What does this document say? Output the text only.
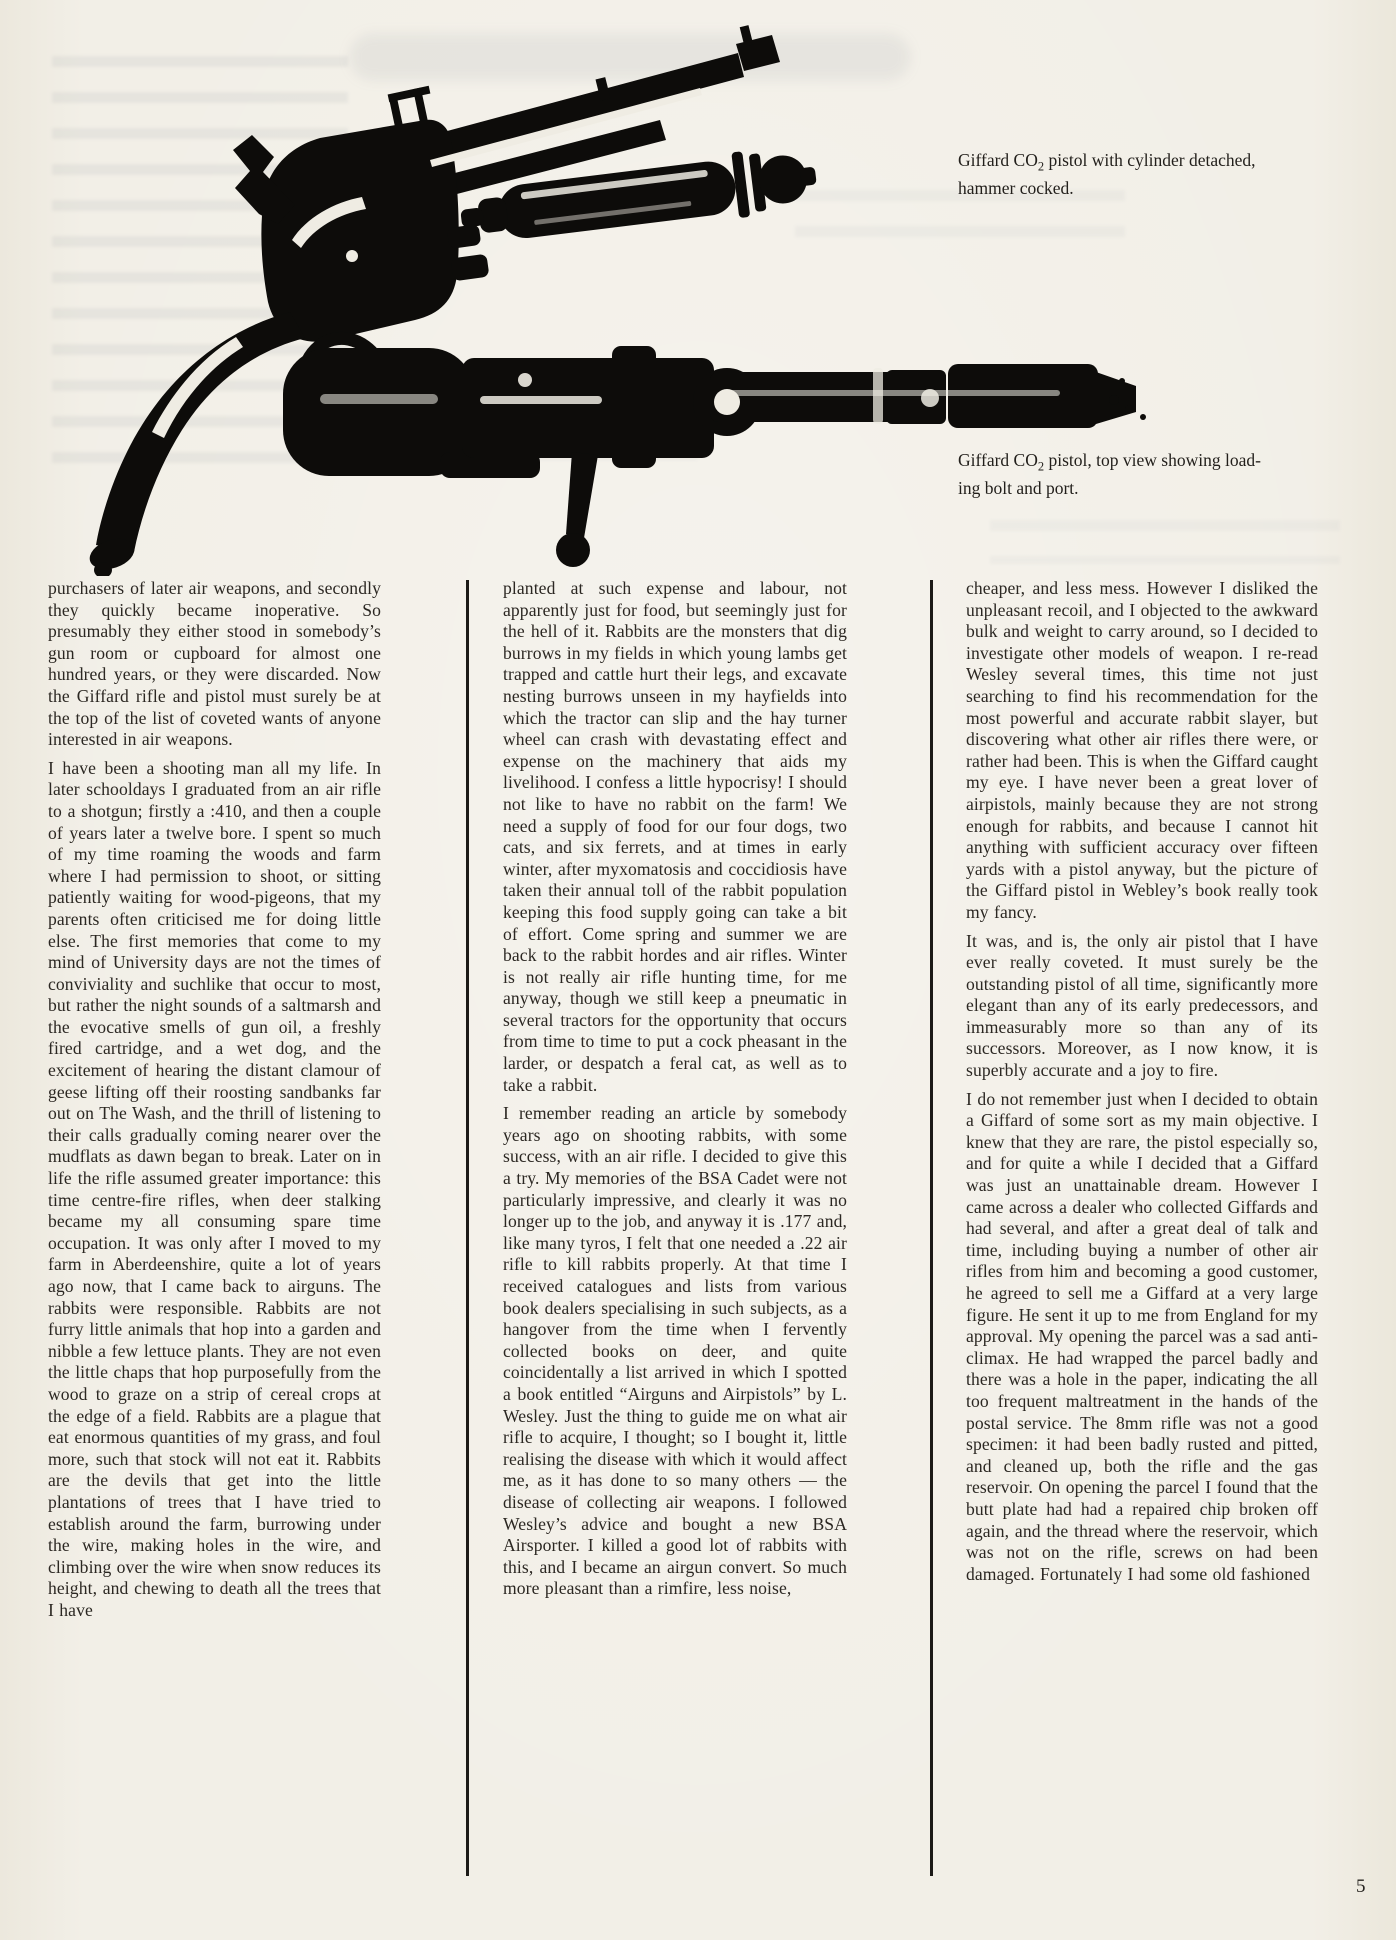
Giffard $CO_2$ pistol with cylinder detached,
hammer cocked.
Giffard $CO_2$ pistol, top view showing load-
ing bolt and port.

purchasers of later air weapons, and secondly they quickly became inoperative. So presumably they either stood in somebody’s gun room or cupboard for almost one hundred years, or they were discarded. Now the Giffard rifle and pistol must surely be at the top of the list of coveted wants of anyone interested in air weapons.

I have been a shooting man all my life. In later schooldays I graduated from an air rifle to a shotgun; firstly a :410, and then a couple of years later a twelve bore. I spent so much of my time roaming the woods and farm where I had permission to shoot, or sitting patiently waiting for wood-pigeons, that my parents often criticised me for doing little else. The first memories that come to my mind of University days are not the times of conviviality and suchlike that occur to most, but rather the night sounds of a saltmarsh and the evocative smells of gun oil, a freshly fired cartridge, and a wet dog, and the excitement of hearing the distant clamour of geese lifting off their roosting sandbanks far out on The Wash, and the thrill of listening to their calls gradually coming nearer over the mudflats as dawn began to break. Later on in life the rifle assumed greater importance: this time centre-fire rifles, when deer stalking became my all consuming spare time occupation. It was only after I moved to my farm in Aberdeenshire, quite a lot of years ago now, that I came back to airguns. The rabbits were responsible. Rabbits are not furry little animals that hop into a garden and nibble a few lettuce plants. They are not even the little chaps that hop purposefully from the wood to graze on a strip of cereal crops at the edge of a field. Rabbits are a plague that eat enormous quantities of my grass, and foul more, such that stock will not eat it. Rabbits are the devils that get into the little plantations of trees that I have tried to establish around the farm, burrowing under the wire, making holes in the wire, and climbing over the wire when snow reduces its height, and chewing to death all the trees that I have

planted at such expense and labour, not apparently just for food, but seemingly just for the hell of it. Rabbits are the monsters that dig burrows in my fields in which young lambs get trapped and cattle hurt their legs, and excavate nesting burrows unseen in my hayfields into which the tractor can slip and the hay turner wheel can crash with devastating effect and expense on the machinery that aids my livelihood. I confess a little hypocrisy! I should not like to have no rabbit on the farm! We need a supply of food for our four dogs, two cats, and six ferrets, and at times in early winter, after myxomatosis and coccidiosis have taken their annual toll of the rabbit population keeping this food supply going can take a bit of effort. Come spring and summer we are back to the rabbit hordes and air rifles. Winter is not really air rifle hunting time, for me anyway, though we still keep a pneumatic in several tractors for the opportunity that occurs from time to time to put a cock pheasant in the larder, or despatch a feral cat, as well as to take a rabbit.

I remember reading an article by somebody years ago on shooting rabbits, with some success, with an air rifle. I decided to give this a try. My memories of the BSA Cadet were not particularly impressive, and clearly it was no longer up to the job, and anyway it is .177 and, like many tyros, I felt that one needed a .22 air rifle to kill rabbits properly. At that time I received catalogues and lists from various book dealers specialising in such subjects, as a hangover from the time when I fervently collected books on deer, and quite coincidentally a list arrived in which I spotted a book entitled “Airguns and Airpistols” by L. Wesley. Just the thing to guide me on what air rifle to acquire, I thought; so I bought it, little realising the disease with which it would affect me, as it has done to so many others — the disease of collecting air weapons. I followed Wesley’s advice and bought a new BSA Airsporter. I killed a good lot of rabbits with this, and I became an airgun convert. So much more pleasant than a rimfire, less noise,

cheaper, and less mess. However I disliked the unpleasant recoil, and I objected to the awkward bulk and weight to carry around, so I decided to investigate other models of weapon. I re-read Wesley several times, this time not just searching to find his recommendation for the most powerful and accurate rabbit slayer, but discovering what other air rifles there were, or rather had been. This is when the Giffard caught my eye. I have never been a great lover of airpistols, mainly because they are not strong enough for rabbits, and because I cannot hit anything with sufficient accuracy over fifteen yards with a pistol anyway, but the picture of the Giffard pistol in Webley’s book really took my fancy.

It was, and is, the only air pistol that I have ever really coveted. It must surely be the outstanding pistol of all time, significantly more elegant than any of its early predecessors, and immeasurably more so than any of its successors. Moreover, as I now know, it is superbly accurate and a joy to fire.

I do not remember just when I decided to obtain a Giffard of some sort as my main objective. I knew that they are rare, the pistol especially so, and for quite a while I decided that a Giffard was just an unattainable dream. However I came across a dealer who collected Giffards and had several, and after a great deal of talk and time, including buying a number of other air rifles from him and becoming a good customer, he agreed to sell me a Giffard at a very large figure. He sent it up to me from England for my approval. My opening the parcel was a sad anti-climax. He had wrapped the parcel badly and there was a hole in the paper, indicating the all too frequent maltreatment in the hands of the postal service. The 8mm rifle was not a good specimen: it had been badly rusted and pitted, and cleaned up, both the rifle and the gas reservoir. On opening the parcel I found that the butt plate had had a repaired chip broken off again, and the thread where the reservoir, which was not on the rifle, screws on had been damaged. Fortunately I had some old fashioned

5
